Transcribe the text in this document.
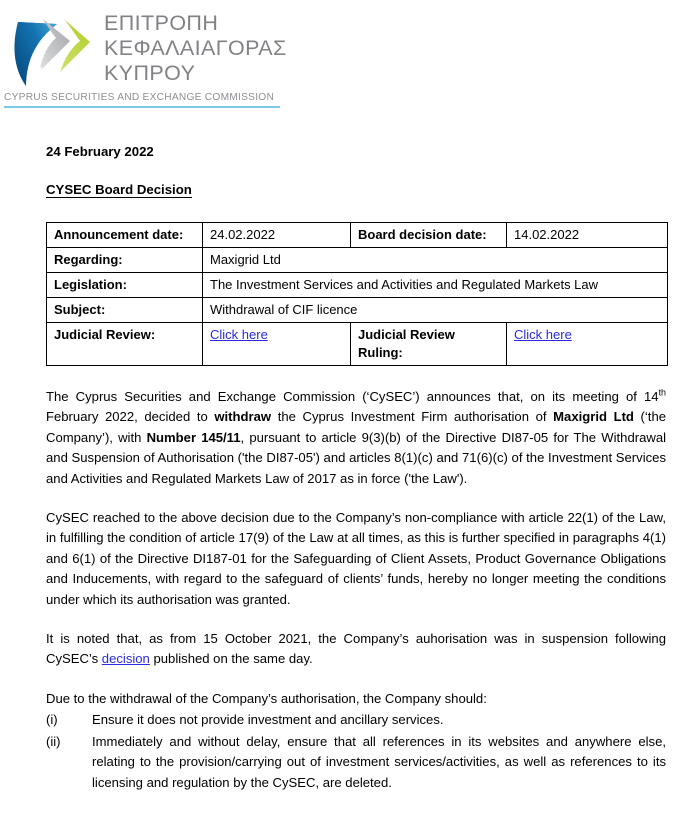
ΕΠΙΤΡΟΠΗ
ΚΕΦΑΛΑΙΑΓΟΡΑΣ
ΚΥΠΡΟΥ
CYPRUS SECURITIES AND EXCHANGE COMMISSION
24 February 2022
CYSEC Board Decision
Announcement date:	24.02.2022	Board decision date:	14.02.2022
Regarding:	Maxigrid Ltd		
Legislation:	The Investment Services and Activities and Regulated Markets Law		
Subject:	Withdrawal of CIF licence		
Judicial Review:	Click here	Judicial Review Ruling:	Click here

The Cyprus Securities and Exchange Commission (‘CySEC’) announces that, on its meeting of 14th February 2022, decided to withdraw the Cyprus Investment Firm authorisation of Maxigrid Ltd (‘the Company’), with Number 145/11, pursuant to article 9(3)(b) of the Directive DI87-05 for The Withdrawal and Suspension of Authorisation ('the DI87-05') and articles 8(1)(c) and 71(6)(c) of the Investment Services and Activities and Regulated Markets Law of 2017 as in force ('the Law').

CySEC reached to the above decision due to the Company’s non-compliance with article 22(1) of the Law, in fulfilling the condition of article 17(9) of the Law at all times, as this is further specified in paragraphs 4(1) and 6(1) of the Directive DI187-01 for the Safeguarding of Client Assets, Product Governance Obligations and Inducements, with regard to the safeguard of clients’ funds, hereby no longer meeting the conditions under which its authorisation was granted.

It is noted that, as from 15 October 2021, the Company’s auhorisation was in suspension following CySEC’s decision published on the same day.

Due to the withdrawal of the Company’s authorisation, the Company should:

(i)	Ensure it does not provide investment and ancillary services.
(ii)	Immediately and without delay, ensure that all references in its websites and anywhere else, relating to the provision/carrying out of investment services/activities, as well as references to its licensing and regulation by the CySEC, are deleted.
